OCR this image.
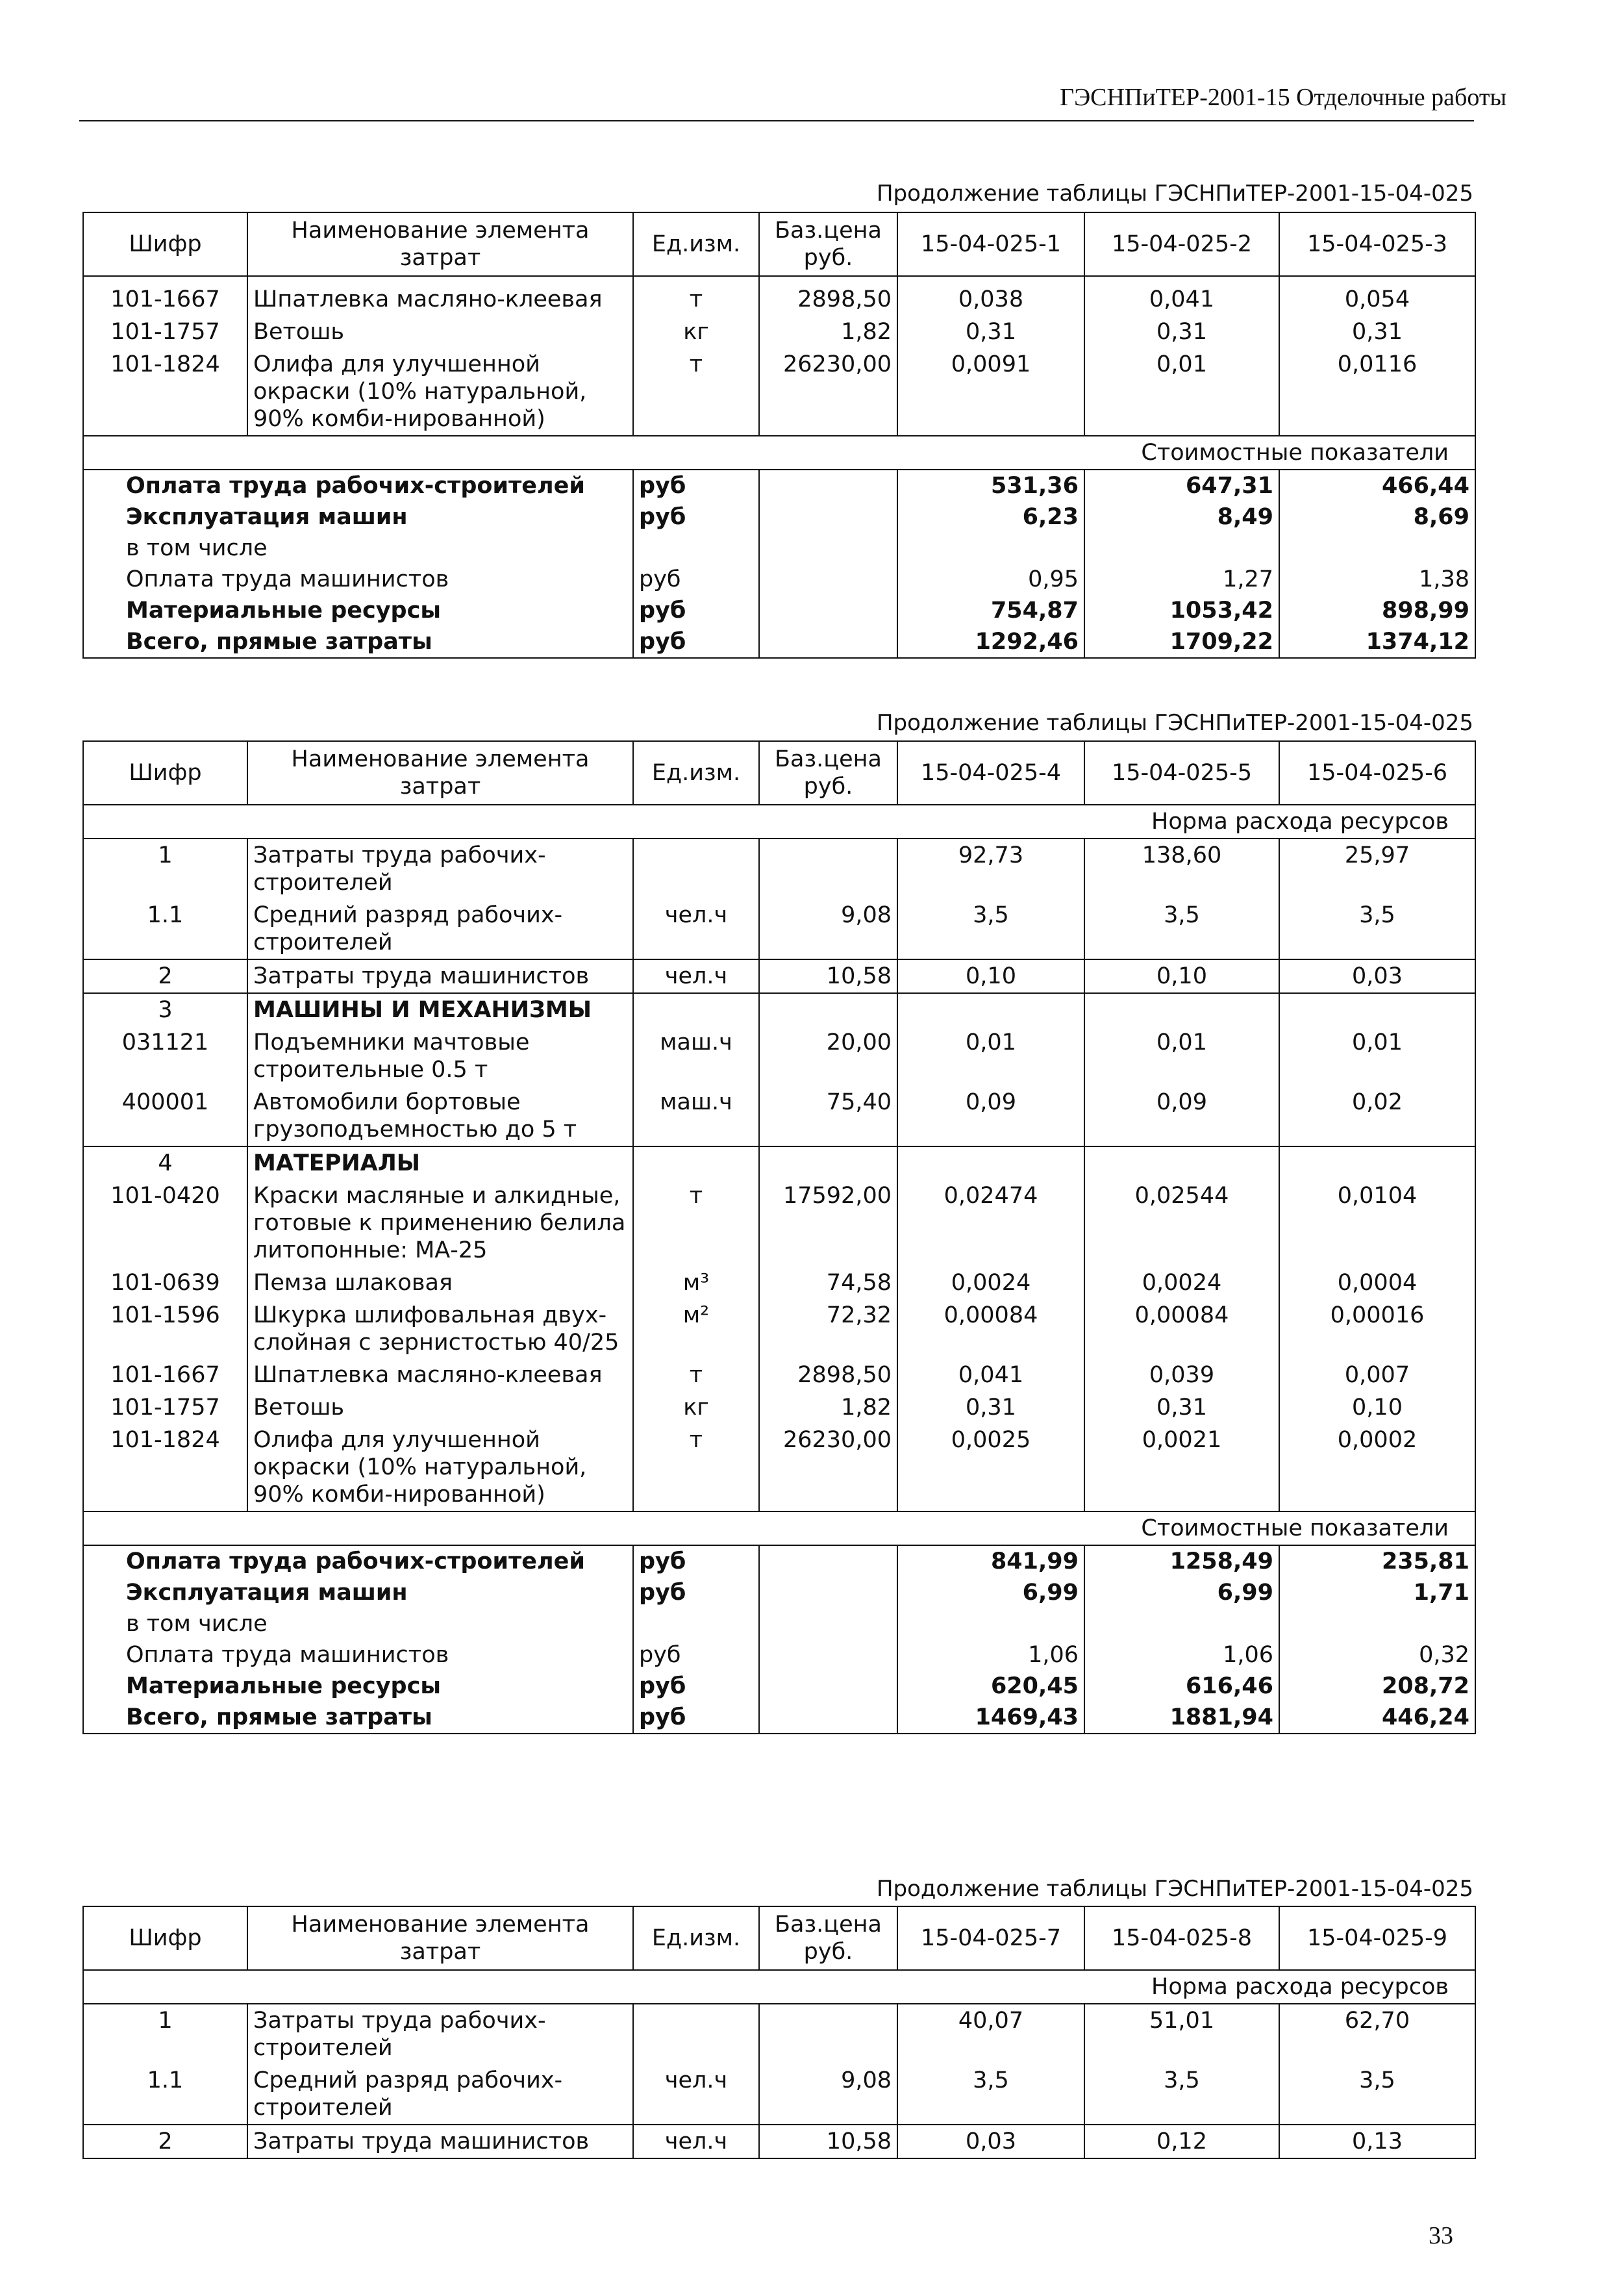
ГЭСНПиТЕР-2001-15 Отделочные работы
Продолжение таблицы ГЭСНПиТЕР-2001-15-04-025
Шифр	Наименование элемента затрат	Ед.изм.	Баз.цена руб.	15-04-025-1	15-04-025-2	15-04-025-3
101-1667	Шпатлевка масляно-клеевая	т	2898,50	0,038	0,041	0,054
101-1757	Ветошь	кг	1,82	0,31	0,31	0,31
101-1824	Олифа для улучшенной окраски (10% натуральной, 90% комби-нированной)	т	26230,00	0,0091	0,01	0,0116
Стоимостные показатели						
Оплата труда рабочих-строителей		руб		531,36	647,31	466,44
Эксплуатация машин		руб		6,23	8,49	8,69
в том числе						
Оплата труда машинистов		руб		0,95	1,27	1,38
Материальные ресурсы		руб		754,87	1053,42	898,99
Всего, прямые затраты		руб		1292,46	1709,22	1374,12
Продолжение таблицы ГЭСНПиТЕР-2001-15-04-025
Шифр	Наименование элемента затрат	Ед.изм.	Баз.цена руб.	15-04-025-4	15-04-025-5	15-04-025-6
Норма расхода ресурсов						
1	Затраты труда рабочих-строителей			92,73	138,60	25,97
1.1	Средний разряд рабочих-строителей	чел.ч	9,08	3,5	3,5	3,5
2	Затраты труда машинистов	чел.ч	10,58	0,10	0,10	0,03
3	МАШИНЫ И МЕХАНИЗМЫ					
031121	Подъемники мачтовые строительные 0.5 т	маш.ч	20,00	0,01	0,01	0,01
400001	Автомобили бортовые грузоподъемностью до 5 т	маш.ч	75,40	0,09	0,09	0,02
4	МАТЕРИАЛЫ					
101-0420	Краски масляные и алкидные, готовые к применению белила литопонные: МА-25	т	17592,00	0,02474	0,02544	0,0104
101-0639	Пемза шлаковая	м³	74,58	0,0024	0,0024	0,0004
101-1596	Шкурка шлифовальная двух-слойная с зернистостью 40/25	м²	72,32	0,00084	0,00084	0,00016
101-1667	Шпатлевка масляно-клеевая	т	2898,50	0,041	0,039	0,007
101-1757	Ветошь	кг	1,82	0,31	0,31	0,10
101-1824	Олифа для улучшенной окраски (10% натуральной, 90% комби-нированной)	т	26230,00	0,0025	0,0021	0,0002
Стоимостные показатели						
Оплата труда рабочих-строителей		руб		841,99	1258,49	235,81
Эксплуатация машин		руб		6,99	6,99	1,71
в том числе						
Оплата труда машинистов		руб		1,06	1,06	0,32
Материальные ресурсы		руб		620,45	616,46	208,72
Всего, прямые затраты		руб		1469,43	1881,94	446,24
Продолжение таблицы ГЭСНПиТЕР-2001-15-04-025
Шифр	Наименование элемента затрат	Ед.изм.	Баз.цена руб.	15-04-025-7	15-04-025-8	15-04-025-9
Норма расхода ресурсов						
1	Затраты труда рабочих-строителей			40,07	51,01	62,70
1.1	Средний разряд рабочих-строителей	чел.ч	9,08	3,5	3,5	3,5
2	Затраты труда машинистов	чел.ч	10,58	0,03	0,12	0,13
33
